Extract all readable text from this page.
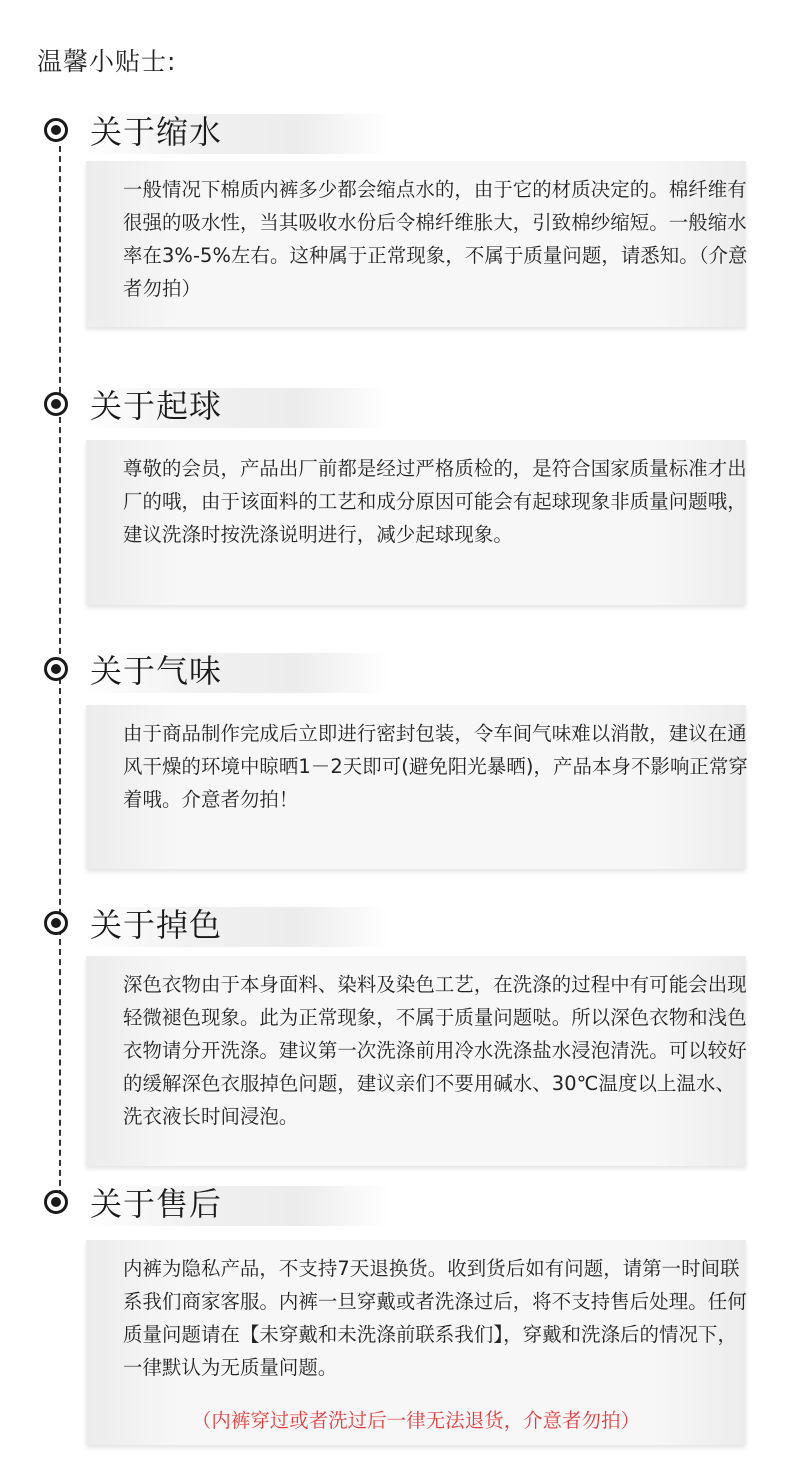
温馨小贴士:
关于缩水
一般情况下棉质内裤多少都会缩点水的，由于它的材质决定的。棉纤维有很强的吸水性，当其吸收水份后令棉纤维胀大，引致棉纱缩短。一般缩水率在3%-5%左右。这种属于正常现象，不属于质量问题，请悉知。（介意者勿拍）
关于起球
尊敬的会员，产品出厂前都是经过严格质检的，是符合国家质量标准才出厂的哦，由于该面料的工艺和成分原因可能会有起球现象非质量问题哦，建议洗涤时按洗涤说明进行，减少起球现象。
关于气味
由于商品制作完成后立即进行密封包装，令车间气味难以消散，建议在通风干燥的环境中晾晒1－2天即可(避免阳光暴晒)，产品本身不影响正常穿着哦。介意者勿拍！
关于掉色
深色衣物由于本身面料、染料及染色工艺，在洗涤的过程中有可能会出现轻微褪色现象。此为正常现象，不属于质量问题哒。所以深色衣物和浅色衣物请分开洗涤。建议第一次洗涤前用冷水洗涤盐水浸泡清洗。可以较好的缓解深色衣服掉色问题，建议亲们不要用碱水、30℃温度以上温水、洗衣液长时间浸泡。
关于售后
内裤为隐私产品，不支持7天退换货。收到货后如有问题，请第一时间联系我们商家客服。内裤一旦穿戴或者洗涤过后，将不支持售后处理。任何质量问题请在【未穿戴和未洗涤前联系我们】，穿戴和洗涤后的情况下，一律默认为无质量问题。
（内裤穿过或者洗过后一律无法退货，介意者勿拍）
